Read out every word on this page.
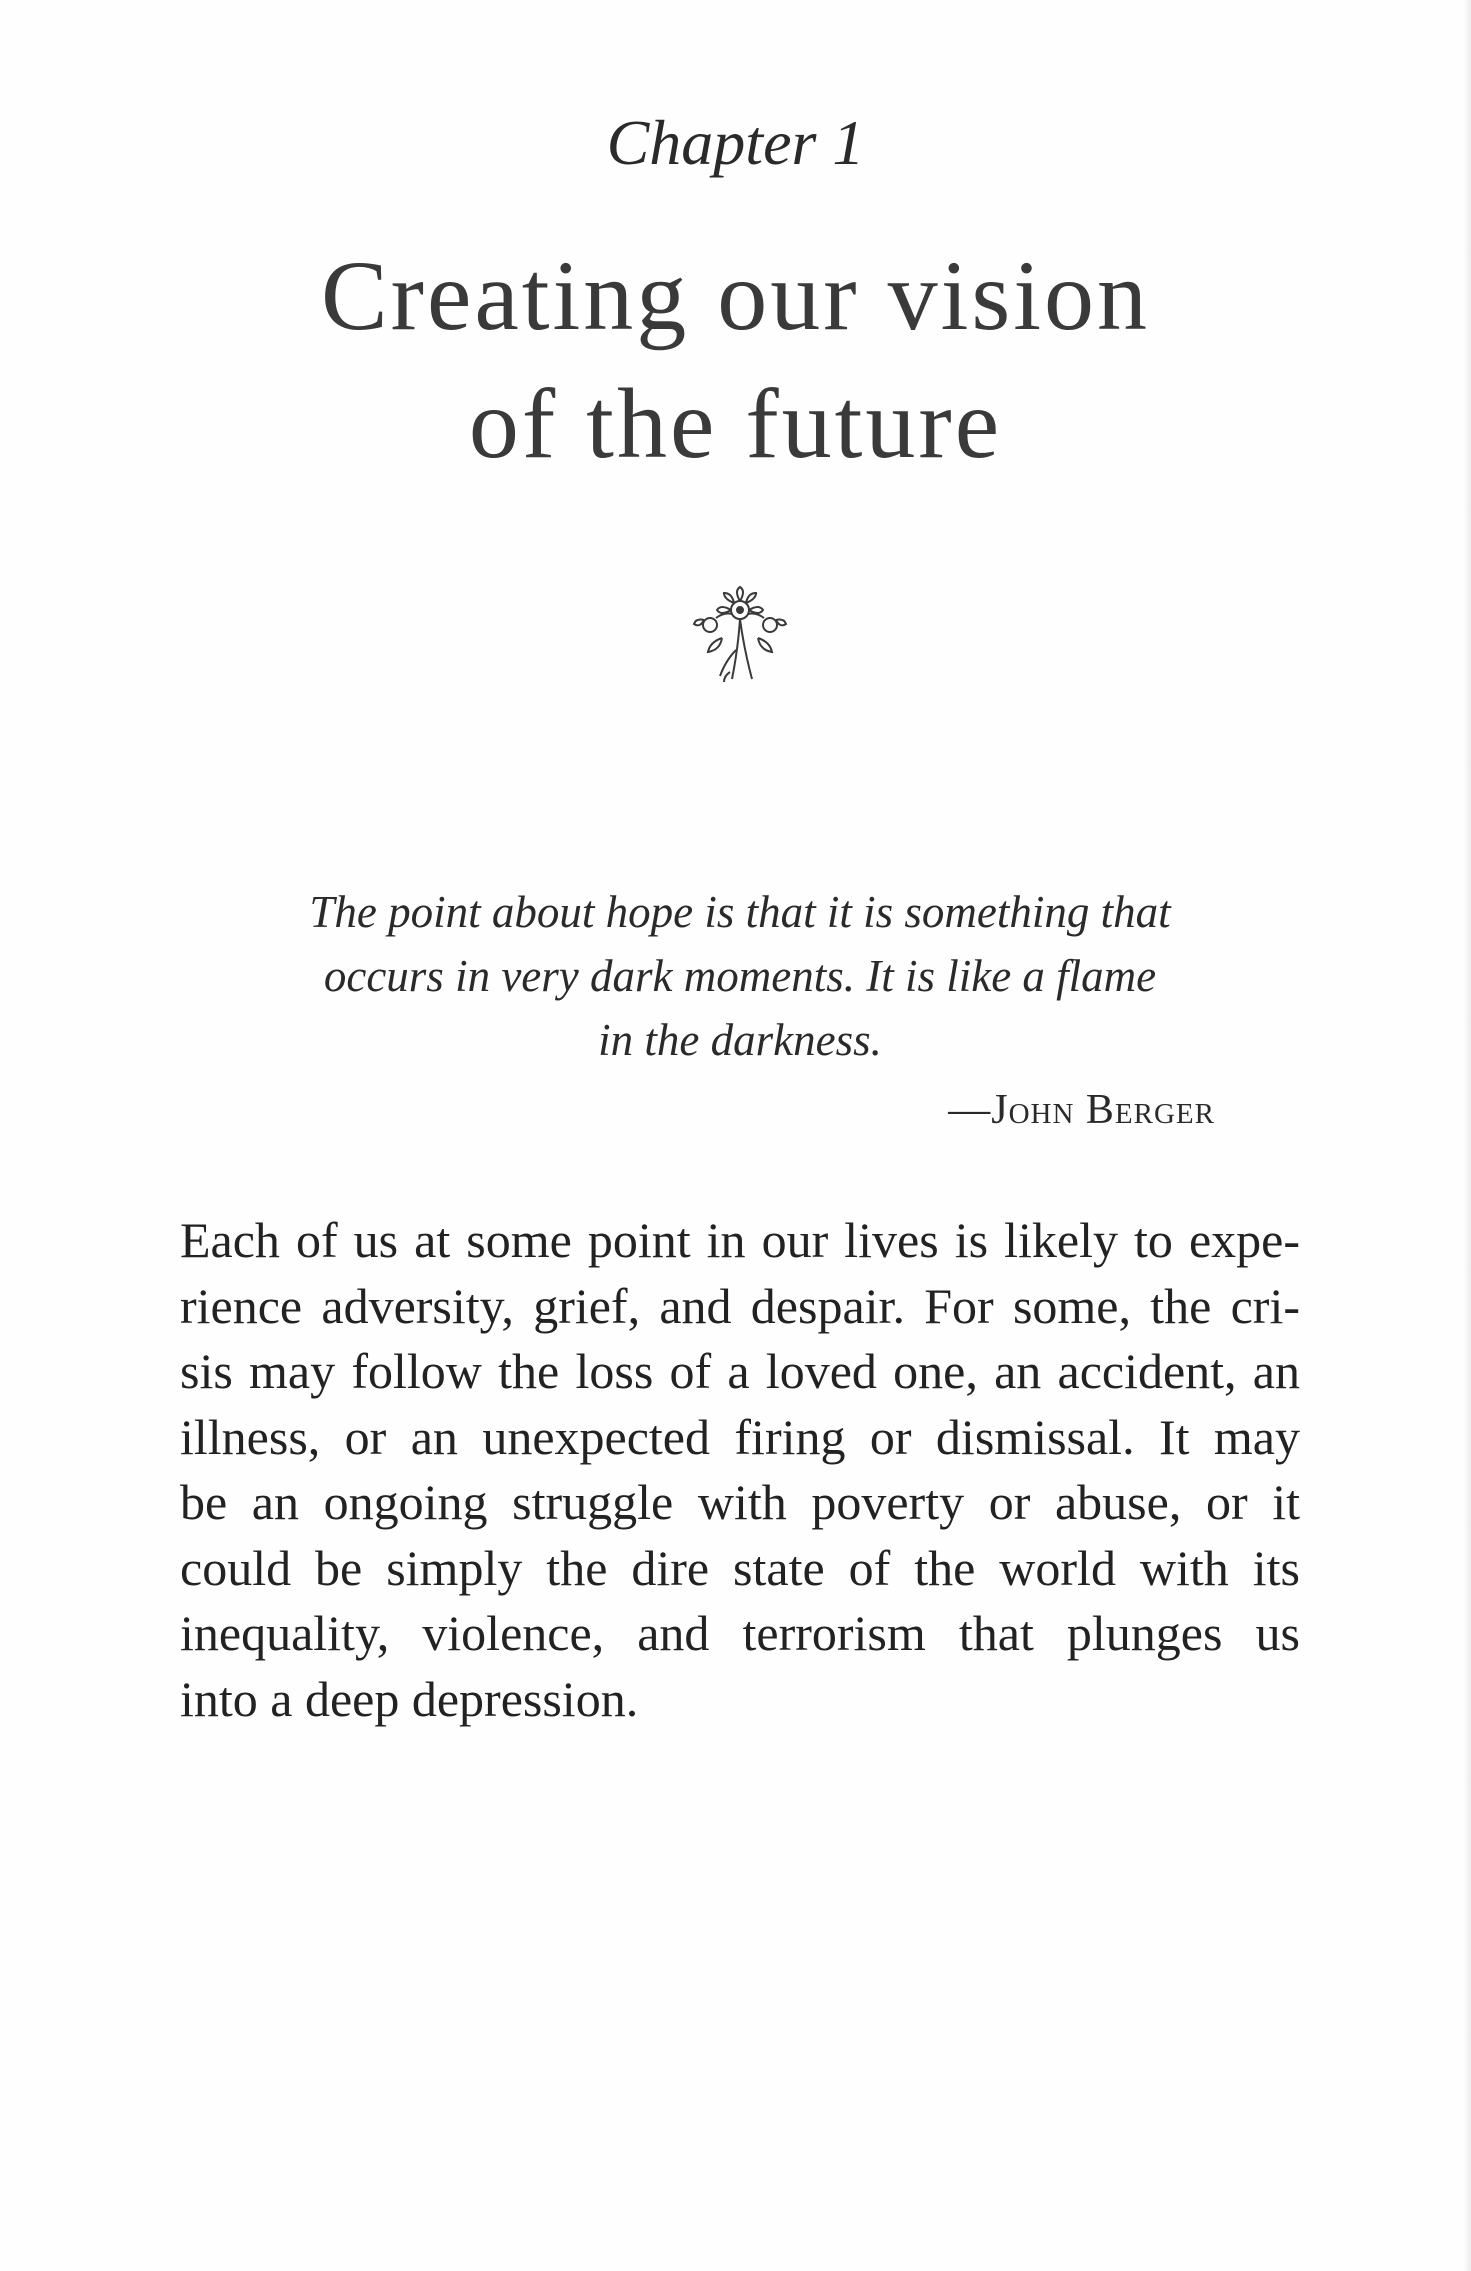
Chapter 1
Creating our vision
of the future
The point about hope is that it is something that
occurs in very dark moments. It is like a flame
in the darkness.
—John Berger
Each of us at some point in our lives is likely to expe-
rience adversity, grief, and despair. For some, the cri-
sis may follow the loss of a loved one, an accident, an
illness, or an unexpected firing or dismissal. It may
be an ongoing struggle with poverty or abuse, or it
could be simply the dire state of the world with its
inequality, violence, and terrorism that plunges us
into a deep depression.
